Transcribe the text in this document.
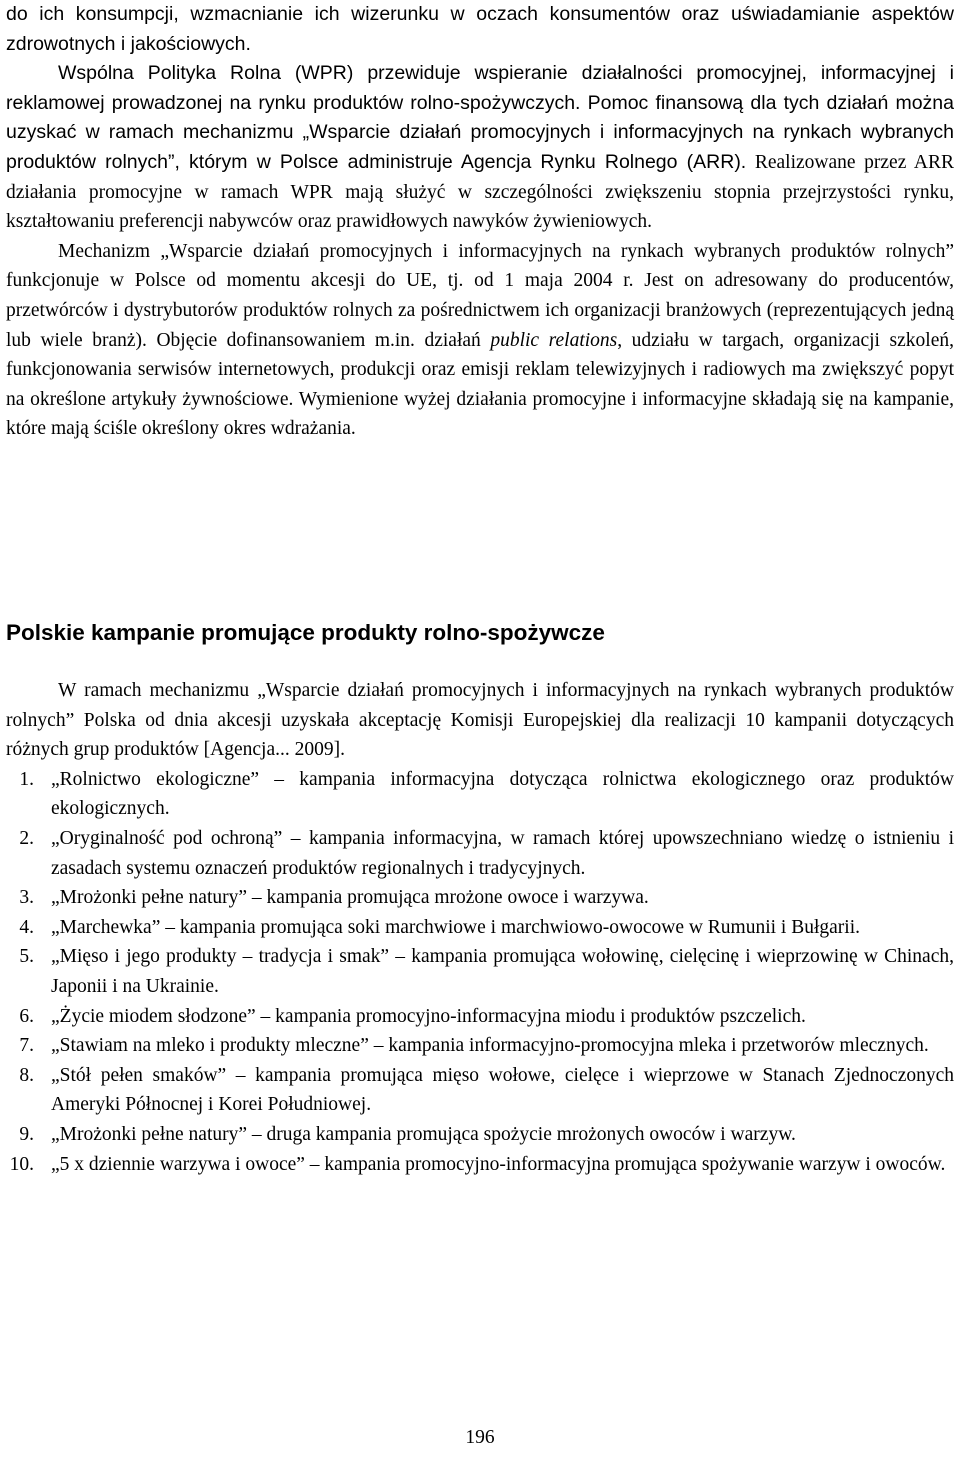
do ich konsumpcji, wzmacnianie ich wizerunku w oczach konsumentów oraz uświadamianie aspektów zdrowotnych i jakościowych.

Wspólna Polityka Rolna (WPR) przewiduje wspieranie działalności promocyjnej, informacyjnej i reklamowej prowadzonej na rynku produktów rolno-spożywczych. Pomoc finansową dla tych działań można uzyskać w ramach mechanizmu „Wsparcie działań promocyjnych i informacyjnych na rynkach wybranych produktów rolnych”, którym w Polsce administruje Agencja Rynku Rolnego (ARR). Realizowane przez ARR działania promocyjne w ramach WPR mają służyć w szczególności zwiększeniu stopnia przejrzystości rynku, kształtowaniu preferencji nabywców oraz prawidłowych nawyków żywieniowych.

Mechanizm „Wsparcie działań promocyjnych i informacyjnych na rynkach wybranych produktów rolnych” funkcjonuje w Polsce od momentu akcesji do UE, tj. od 1 maja 2004 r. Jest on adresowany do producentów, przetwórców i dystrybutorów produktów rolnych za pośrednictwem ich organizacji branżowych (reprezentujących jedną lub wiele branż). Objęcie dofinansowaniem m.in. działań public relations, udziału w targach, organizacji szkoleń, funkcjonowania serwisów internetowych, produkcji oraz emisji reklam telewizyjnych i radiowych ma zwiększyć popyt na określone artykuły żywnościowe. Wymienione wyżej działania promocyjne i informacyjne składają się na kampanie, które mają ściśle określony okres wdrażania.

Polskie kampanie promujące produkty rolno-spożywcze

W ramach mechanizmu „Wsparcie działań promocyjnych i informacyjnych na rynkach wybranych produktów rolnych” Polska od dnia akcesji uzyskała akceptację Komisji Europejskiej dla realizacji 10 kampanii dotyczących różnych grup produktów [Agencja... 2009].

1. „Rolnictwo ekologiczne” – kampania informacyjna dotycząca rolnictwa ekologicznego oraz produktów ekologicznych.
2. „Oryginalność pod ochroną” – kampania informacyjna, w ramach której upowszechniano wiedzę o istnieniu i zasadach systemu oznaczeń produktów regionalnych i tradycyjnych.
3. „Mrożonki pełne natury” – kampania promująca mrożone owoce i warzywa.
4. „Marchewka” – kampania promująca soki marchwiowe i marchwiowo-owocowe w Rumunii i Bułgarii.
5. „Mięso i jego produkty – tradycja i smak” – kampania promująca wołowinę, cielęcinę i wieprzowinę w Chinach, Japonii i na Ukrainie.
6. „Życie miodem słodzone” – kampania promocyjno-informacyjna miodu i produktów pszczelich.
7. „Stawiam na mleko i produkty mleczne” – kampania informacyjno-promocyjna mleka i przetworów mlecznych.
8. „Stół pełen smaków” – kampania promująca mięso wołowe, cielęce i wieprzowe w Stanach Zjednoczonych Ameryki Północnej i Korei Południowej.
9. „Mrożonki pełne natury” – druga kampania promująca spożycie mrożonych owoców i warzyw.
10. „5 x dziennie warzywa i owoce” – kampania promocyjno-informacyjna promująca spożywanie warzyw i owoców.
196
